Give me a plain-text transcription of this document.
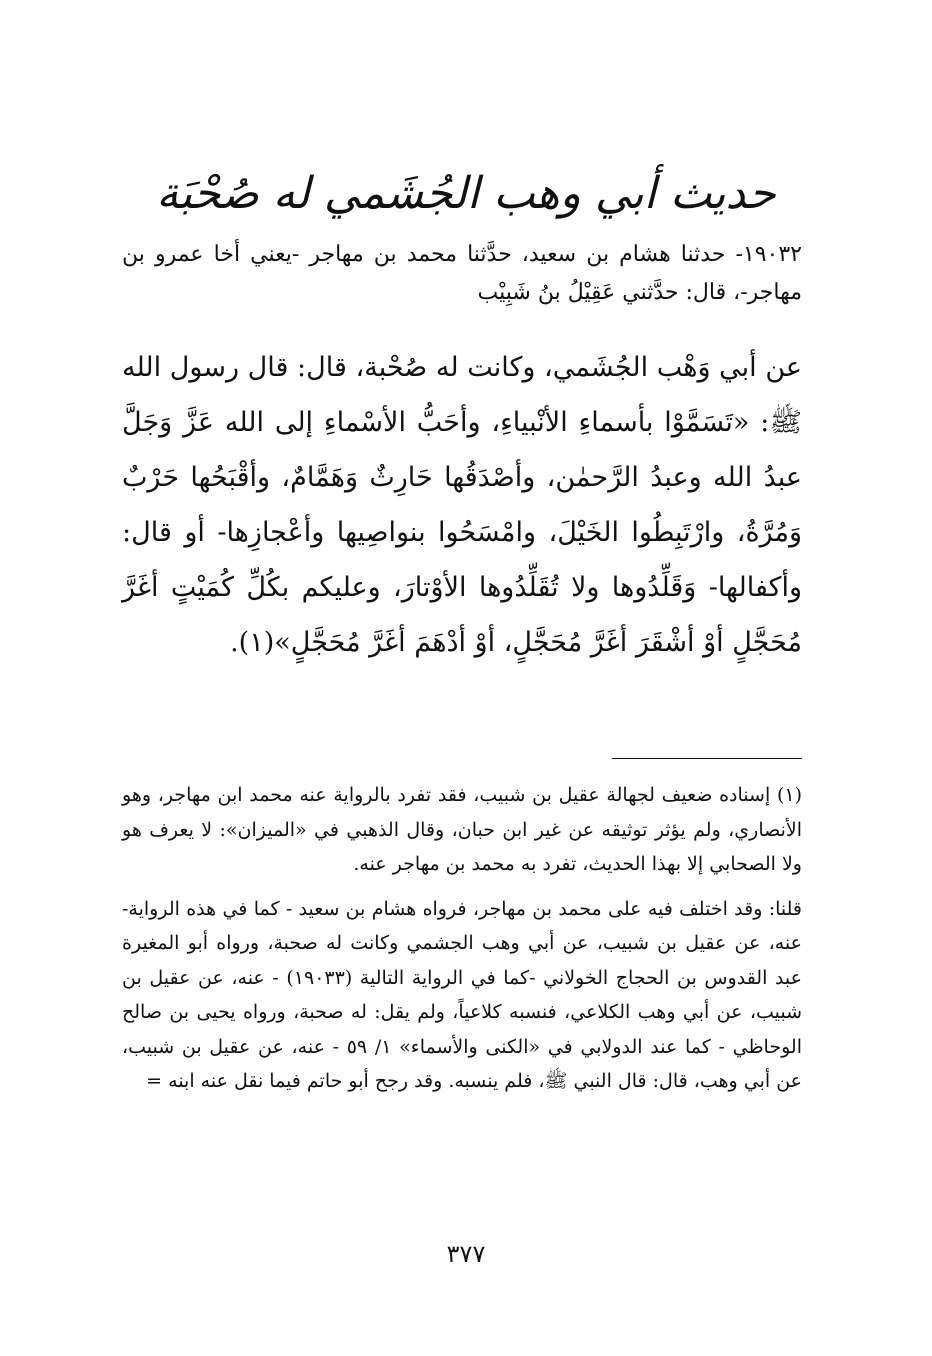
حديث أبي وهب الجُشَمي له صُحْبَة
١٩٠٣٢- حدثنا هشام بن سعيد، حدَّثنا محمد بن مهاجر -يعني أخا عمرو بن مهاجر-، قال: حدَّثني عَقِيْلُ بنُ شَبِيْب
عن أبي وَهْب الجُشَمي، وكانت له صُحْبة، قال: قال رسول الله ﷺ: «تَسَمَّوْا بأسماءِ الأنْبياءِ، وأحَبُّ الأسْماءِ إلى الله عَزَّ وَجَلَّ عبدُ الله وعبدُ الرَّحمٰن، وأصْدَقُها حَارِثٌ وَهَمَّامٌ، وأقْبَحُها حَرْبٌ وَمُرَّةُ، وارْتَبِطُوا الخَيْلَ، وامْسَحُوا بنواصِيها وأعْجازِها- أو قال: وأكفالها- وَقَلِّدُوها ولا تُقَلِّدُوها الأوْتارَ، وعليكم بكُلِّ كُمَيْتٍ أغَرَّ مُحَجَّلٍ أوْ أشْقَرَ أغَرَّ مُحَجَّلٍ، أوْ أدْهَمَ أغَرَّ مُحَجَّلٍ»(١).

(١) إسناده ضعيف لجهالة عقيل بن شبيب، فقد تفرد بالرواية عنه محمد ابن مهاجر، وهو الأنصاري، ولم يؤثر توثيقه عن غير ابن حبان، وقال الذهبي في «الميزان»: لا يعرف هو ولا الصحابي إلا بهذا الحديث، تفرد به محمد بن مهاجر عنه.

قلنا: وقد اختلف فيه على محمد بن مهاجر، فرواه هشام بن سعيد - كما في هذه الرواية- عنه، عن عقيل بن شبيب، عن أبي وهب الجشمي وكانت له صحبة، ورواه أبو المغيرة عبد القدوس بن الحجاج الخولاني -كما في الرواية التالية (١٩٠٣٣) - عنه، عن عقيل بن شبيب، عن أبي وهب الكلاعي، فنسبه كلاعياً، ولم يقل: له صحبة، ورواه يحيى بن صالح الوحاظي - كما عند الدولابي في «الكنى والأسماء» ١/ ٥٩ - عنه، عن عقيل بن شبيب، عن أبي وهب، قال: قال النبي ﷺ، فلم ينسبه. وقد رجح أبو حاتم فيما نقل عنه ابنه =

٣٧٧
